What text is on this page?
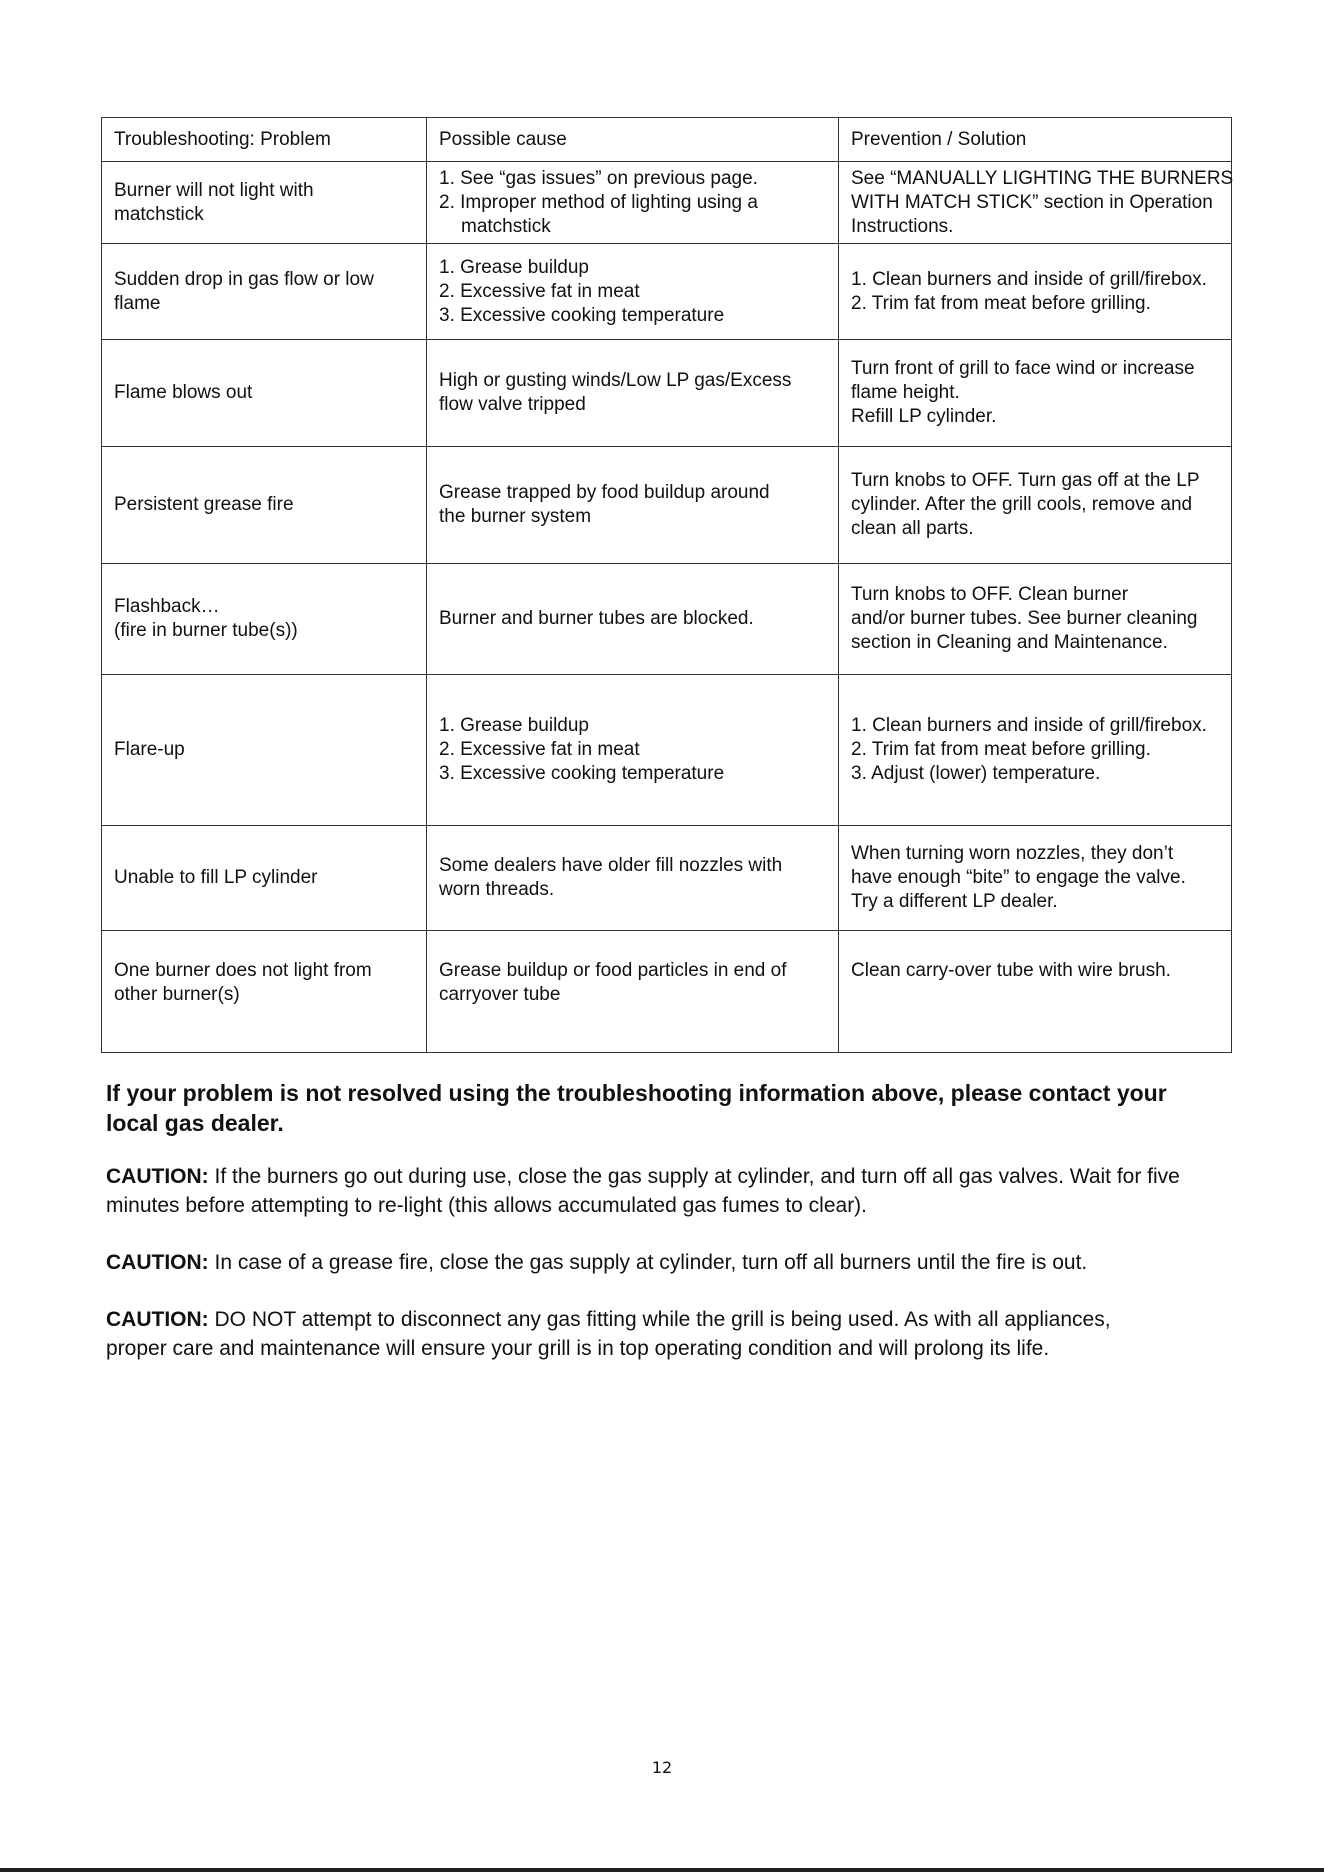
Troubleshooting: Problem	Possible cause	Prevention / Solution

Burner will not light with
matchstick	1. See “gas issues” on previous page.
2. Improper method of lighting using a
matchstick	See “MANUALLY LIGHTING THE BURNERS
WITH MATCH STICK” section in Operation
Instructions.

Sudden drop in gas flow or low
flame	1. Grease buildup
2. Excessive fat in meat
3. Excessive cooking temperature	1. Clean burners and inside of grill/firebox.
2. Trim fat from meat before grilling.

Flame blows out	High or gusting winds/Low LP gas/Excess
flow valve tripped	Turn front of grill to face wind or increase
flame height.
Refill LP cylinder.

Persistent grease fire	Grease trapped by food buildup around
the burner system	Turn knobs to OFF. Turn gas off at the LP
cylinder. After the grill cools, remove and
clean all parts.

Flashback…
(fire in burner tube(s))	Burner and burner tubes are blocked.	Turn knobs to OFF. Clean burner
and/or burner tubes. See burner cleaning
section in Cleaning and Maintenance.

Flare-up	1. Grease buildup
2. Excessive fat in meat
3. Excessive cooking temperature	1. Clean burners and inside of grill/firebox.
2. Trim fat from meat before grilling.
3. Adjust (lower) temperature.

Unable to fill LP cylinder	Some dealers have older fill nozzles with
worn threads.	When turning worn nozzles, they don’t
have enough “bite” to engage the valve.
Try a different LP dealer.

One burner does not light from
other burner(s)	Grease buildup or food particles in end of
carryover tube	Clean carry-over tube with wire brush.
If your problem is not resolved using the troubleshooting information above, please contact your
local gas dealer.

CAUTION: If the burners go out during use, close the gas supply at cylinder, and turn off all gas valves. Wait for five
minutes before attempting to re-light (this allows accumulated gas fumes to clear).

CAUTION: In case of a grease fire, close the gas supply at cylinder, turn off all burners until the fire is out.

CAUTION: DO NOT attempt to disconnect any gas fitting while the grill is being used. As with all appliances,
proper care and maintenance will ensure your grill is in top operating condition and will prolong its life.

12
